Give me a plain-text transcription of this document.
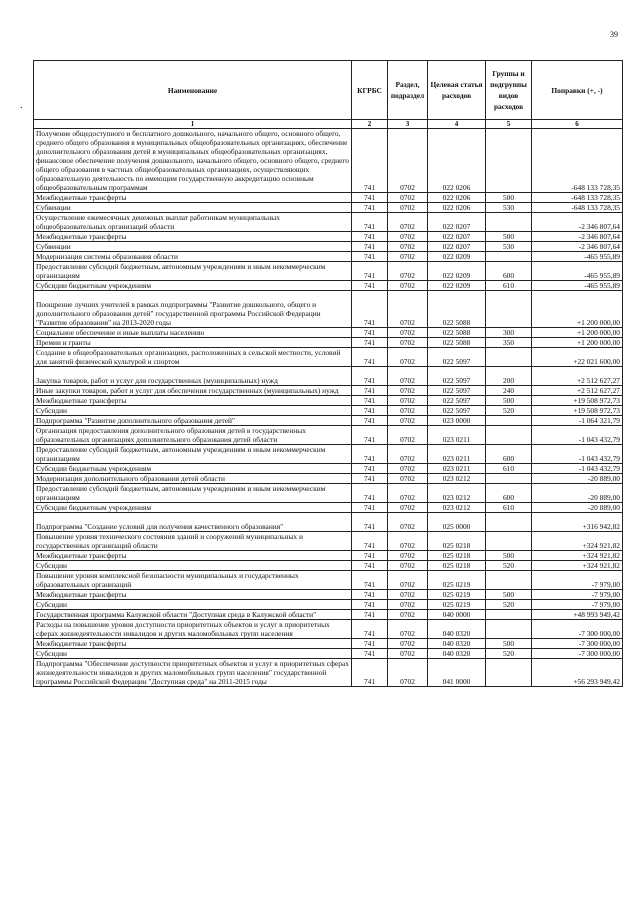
39
.
Наименование	КГРБС	Раздел, подраздел	Целевая статья расходов	Группы и подгруппы видов расходов	Поправки (+, -)
1	2	3	4	5	6
Получение общедоступного и бесплатного дошкольного, начального общего, основного общего, среднего общего образования в муниципальных общеобразовательных организациях, обеспечение дополнительного образования детей в муниципальных общеобразовательных организациях, финансовое обеспечение получения дошкольного, начального общего, основного общего, среднего общего образования в частных общеобразовательных организациях, осуществляющих образовательную деятельность по имеющим государственную аккредитацию основным общеобразовательным программам	741	0702	022 0206		-648 133 728,35
Межбюджетные трансферты	741	0702	022 0206	500	-648 133 728,35
Субвенции	741	0702	022 0206	530	-648 133 728,35
Осуществление ежемесячных денежных выплат работникам муниципальных общеобразовательных организаций области	741	0702	022 0207		-2 346 807,64
Межбюджетные трансферты	741	0702	022 0207	500	-2 346 807,64
Субвенции	741	0702	022 0207	530	-2 346 807,64
Модернизация системы образования области	741	0702	022 0209		-465 955,89
Предоставление субсидий бюджетным, автономным учреждениям и иным некоммерческим организациям	741	0702	022 0209	600	-465 955,89
Субсидии бюджетным учреждениям	741	0702	022 0209	610	-465 955,89
Поощрение лучших учителей в рамках подпрограммы "Развитие дошкольного, общего и дополнительного образования детей" государственной программы Российской Федерации "Развитие образования" на 2013-2020 годы	741	0702	022 5088		+1 200 000,00
Социальное обеспечение и иные выплаты населению	741	0702	022 5088	300	+1 200 000,00
Премии и гранты	741	0702	022 5088	350	+1 200 000,00
Создание в общеобразовательных организациях, расположенных в сельской местности, условий для занятий физической культурой и спортом	741	0702	022 5097		+22 021 600,00
Закупка товаров, работ и услуг для государственных (муниципальных) нужд	741	0702	022 5097	200	+2 512 627,27
Иные закупки товаров, работ и услуг для обеспечения государственных (муниципальных) нужд	741	0702	022 5097	240	+2 512 627,27
Межбюджетные трансферты	741	0702	022 5097	500	+19 508 972,73
Субсидии	741	0702	022 5097	520	+19 508 972,73
Подпрограмма "Развитие дополнительного образования детей"	741	0702	023 0000		-1 064 321,79
Организация предоставления дополнительного образования детей в государственных образовательных организациях дополнительного образования детей области	741	0702	023 0211		-1 043 432,79
Предоставление субсидий бюджетным, автономным учреждениям и иным некоммерческим организациям	741	0702	023 0211	600	-1 043 432,79
Субсидии бюджетным учреждениям	741	0702	023 0211	610	-1 043 432,79
Модернизация дополнительного образования детей области	741	0702	023 0212		-20 889,00
Предоставление субсидий бюджетным, автономным учреждениям и иным некоммерческим организациям	741	0702	023 0212	600	-20 889,00
Субсидии бюджетным учреждениям	741	0702	023 0212	610	-20 889,00
Подпрограмма "Создание условий для получения качественного образования"	741	0702	025 0000		+316 942,82
Повышение уровня технического состояния зданий и сооружений муниципальных и государственных организаций области	741	0702	025 0218		+324 921,82
Межбюджетные трансферты	741	0702	025 0218	500	+324 921,82
Субсидии	741	0702	025 0218	520	+324 921,82
Повышение уровня комплексной безопасности муниципальных и государственных образовательных организаций	741	0702	025 0219		-7 979,00
Межбюджетные трансферты	741	0702	025 0219	500	-7 979,00
Субсидии	741	0702	025 0219	520	-7 979,00
Государственная программа Калужской области "Доступная среда в Калужской области"	741	0702	040 0000		+48 993 949,42
Расходы на повышение уровня доступности приоритетных объектов и услуг в приоритетных сферах жизнедеятельности инвалидов и других маломобильных групп населения	741	0702	040 0320		-7 300 000,00
Межбюджетные трансферты	741	0702	040 0320	500	-7 300 000,00
Субсидии	741	0702	040 0320	520	-7 300 000,00
Подпрограмма "Обеспечение доступности приоритетных объектов и услуг в приоритетных сферах жизнедеятельности инвалидов и других маломобильных групп населения" государственной программы Российской Федерации "Доступная среда" на 2011-2015 годы	741	0702	041 0000		+56 293 949,42
